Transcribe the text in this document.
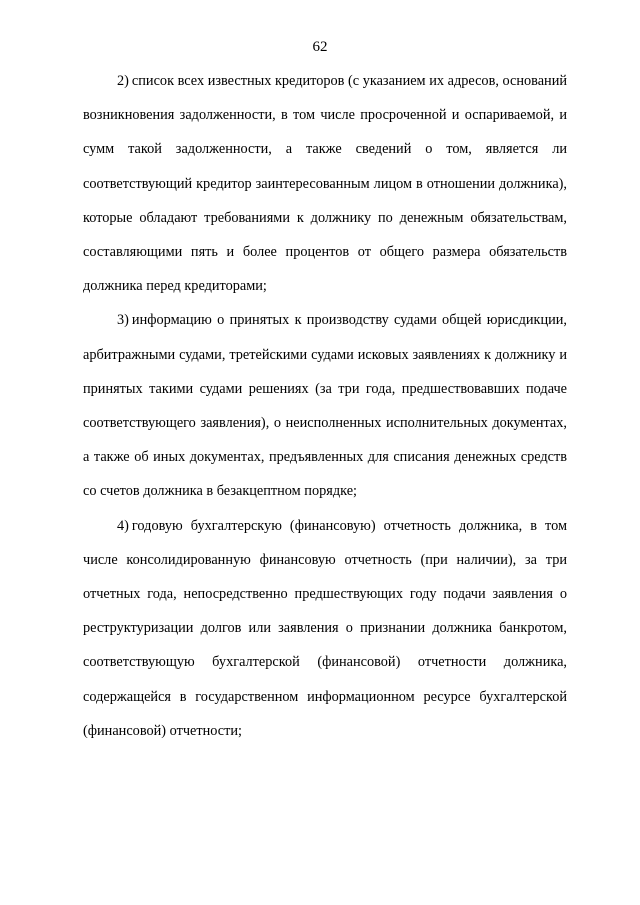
62

2) список всех известных кредиторов (с указанием их адресов, оснований возникновения задолженности, в том числе просроченной и оспариваемой, и сумм такой задолженности, а также сведений о том, является ли соответствующий кредитор заинтересованным лицом в отношении должника), которые обладают требованиями к должнику по денежным обязательствам, составляющими пять и более процентов от общего размера обязательств должника перед кредиторами;

3) информацию о принятых к производству судами общей юрисдикции, арбитражными судами, третейскими судами исковых заявлениях к должнику и принятых такими судами решениях (за три года, предшествовавших подаче соответствующего заявления), о неисполненных исполнительных документах, а также об иных документах, предъявленных для списания денежных средств со счетов должника в безакцептном порядке;

4) годовую бухгалтерскую (финансовую) отчетность должника, в том числе консолидированную финансовую отчетность (при наличии), за три отчетных года, непосредственно предшествующих году подачи заявления о реструктуризации долгов или заявления о признании должника банкротом, соответствующую бухгалтерской (финансовой) отчетности должника, содержащейся в государственном информационном ресурсе бухгалтерской (финансовой) отчетности;
